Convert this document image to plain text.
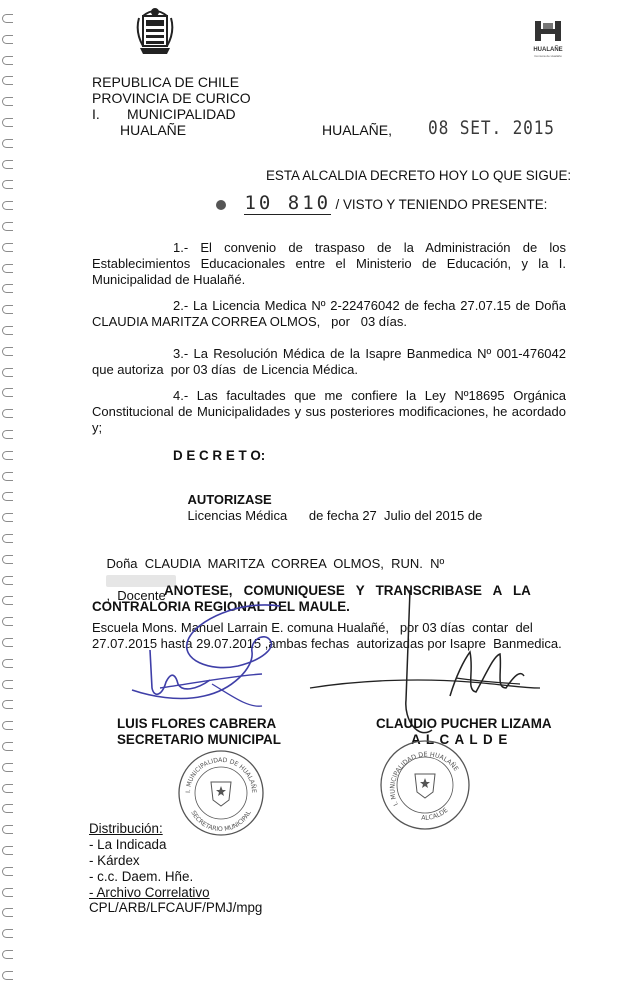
HUALAÑE
Comuna de Hualañé
REPUBLICA DE CHILE
PROVINCIA DE CURICO
I.       MUNICIPALIDAD
HUALAÑE	HUALAÑE, 08 SET. 2015
ESTA ALCALDIA DECRETO HOY LO QUE SIGUE:
10 810 / VISTO Y TENIENDO PRESENTE:
1.- El convenio de traspaso de la Administración de los
Establecimientos Educacionales entre el Ministerio de Educación, y la I.
Municipalidad de Hualañé.
2.- La Licencia Medica Nº 2-22476042 de fecha 27.07.15 de Doña
CLAUDIA MARITZA CORREA OLMOS,   por   03 días.
3.- La Resolución Médica de la Isapre Banmedica Nº 001-476042
que autoriza  por 03 días  de Licencia Médica.
4.- Las facultades que me confiere la Ley Nº18695 Orgánica
Constitucional de Municipalidades y sus posteriores modificaciones, he acordado
y;
D E C R E T O:

AUTORIZASE
Licencias Médica      de fecha 27  Julio del 2015 de

Doña  CLAUDIA  MARITZA  CORREA  OLMOS,  RUN.  Nº

,  Docente

Escuela Mons. Manuel Larrain E. comuna Hualañé,   por 03 días  contar  del
27.07.2015 hasta 29.07.2015 ,ambas fechas  autorizadas por Isapre  Banmedica.
ANOTESE,   COMUNIQUESE   Y   TRANSCRIBASE   A   LA
CONTRALORIA REGIONAL DEL MAULE.
LUIS FLORES CABRERA
SECRETARIO MUNICIPAL
CLAUDIO PUCHER LIZAMA
A L C A L D E
I. MUNICIPALIDAD DE HUALAÑE
SECRETARIO MUNICIPAL
I. MUNICIPALIDAD DE HUALAÑE
ALCALDE
Distribución:
- La Indicada
- Kárdex
- c.c. Daem. Hñe.
- Archivo Correlativo
CPL/ARB/LFCAUF/PMJ/mpg
